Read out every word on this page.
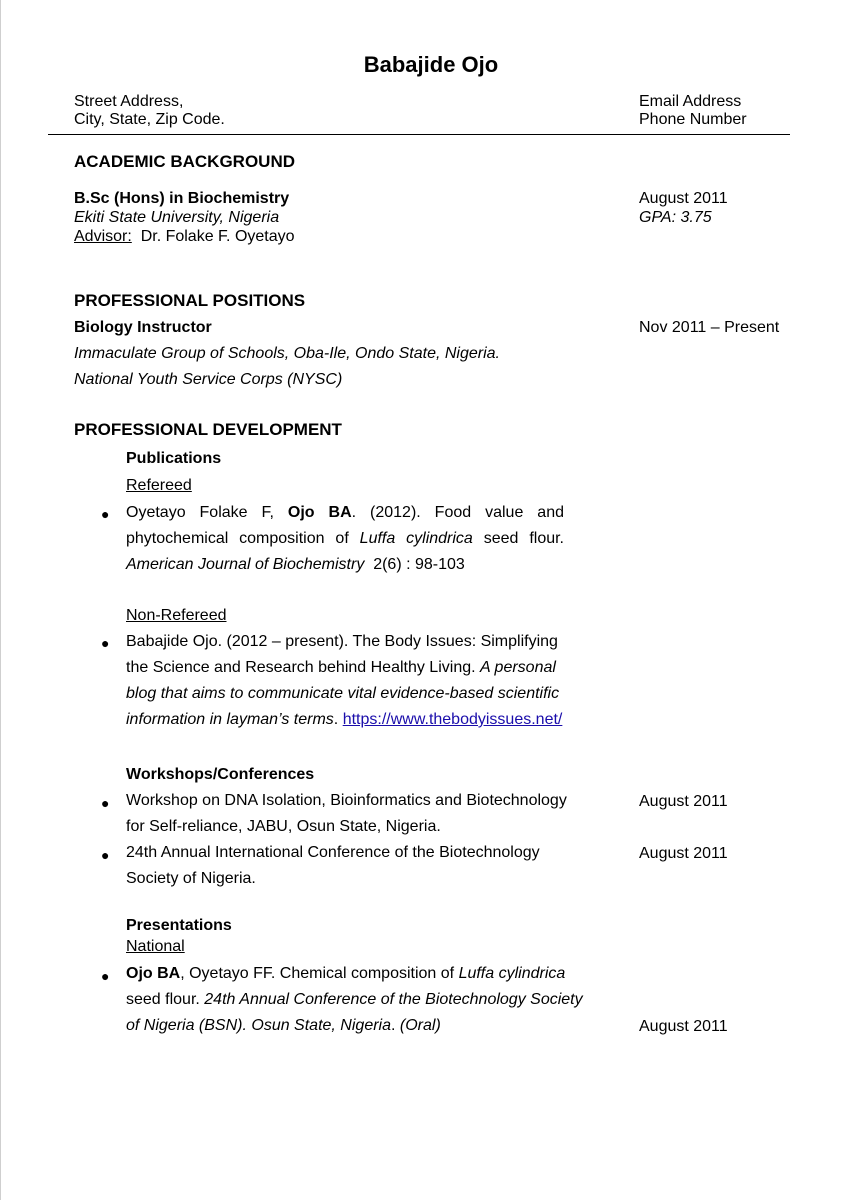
Babajide Ojo
Street Address,
City, State, Zip Code.
Email Address
Phone Number
ACADEMIC BACKGROUND
B.Sc (Hons) in Biochemistry
Ekiti State University, Nigeria
Advisor: Dr. Folake F. Oyetayo
August 2011
GPA: 3.75
PROFESSIONAL POSITIONS
Biology Instructor	Nov 2011 – Present
Immaculate Group of Schools, Oba-Ile, Ondo State, Nigeria.
National Youth Service Corps (NYSC)
PROFESSIONAL DEVELOPMENT
Publications
Refereed
● Oyetayo Folake F, Ojo BA. (2012). Food value and phytochemical composition of Luffa cylindrica seed flour. American Journal of Biochemistry 2(6) : 98-103
Non-Refereed
● Babajide Ojo. (2012 – present). The Body Issues: Simplifying the Science and Research behind Healthy Living. A personal blog that aims to communicate vital evidence-based scientific information in layman’s terms. https://www.thebodyissues.net/
Workshops/Conferences
● Workshop on DNA Isolation, Bioinformatics and Biotechnology
for Self-reliance, JABU, Osun State, Nigeria.
August 2011
● 24th Annual International Conference of the Biotechnology
Society of Nigeria.
August 2011
Presentations
National
● Ojo BA, Oyetayo FF. Chemical composition of Luffa cylindrica
seed flour. 24th Annual Conference of the Biotechnology Society
of Nigeria (BSN). Osun State, Nigeria. (Oral)	August 2011
